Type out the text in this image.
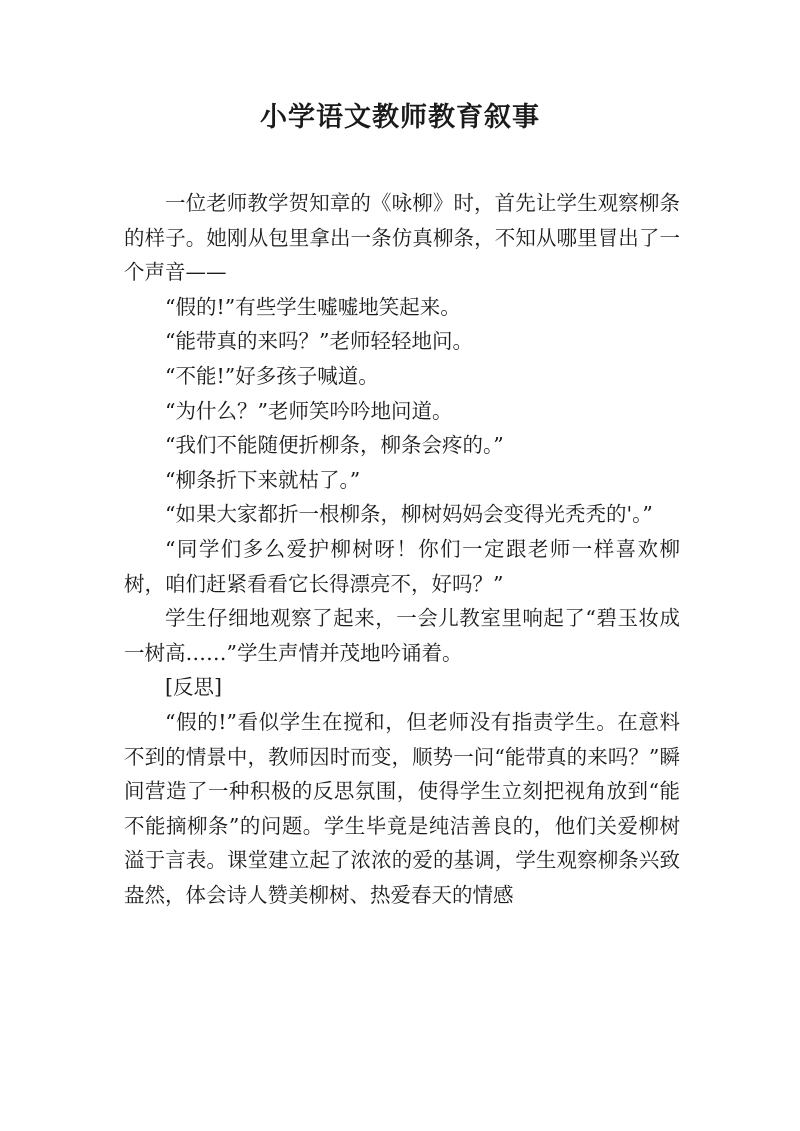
小学语文教师教育叙事

一位老师教学贺知章的《咏柳》时，首先让学生观察柳条的样子。她刚从包里拿出一条仿真柳条，不知从哪里冒出了一个声音——

“假的!”有些学生嘘嘘地笑起来。

“能带真的来吗？”老师轻轻地问。

“不能!”好多孩子喊道。

“为什么？”老师笑吟吟地问道。

“我们不能随便折柳条，柳条会疼的。”

“柳条折下来就枯了。”

“如果大家都折一根柳条，柳树妈妈会变得光秃秃的'。”

“同学们多么爱护柳树呀！你们一定跟老师一样喜欢柳树，咱们赶紧看看它长得漂亮不，好吗？”

学生仔细地观察了起来，一会儿教室里响起了“碧玉妆成一树高……”学生声情并茂地吟诵着。

[反思]

“假的!”看似学生在搅和，但老师没有指责学生。在意料不到的情景中，教师因时而变，顺势一问“能带真的来吗？”瞬间营造了一种积极的反思氛围，使得学生立刻把视角放到“能不能摘柳条”的问题。学生毕竟是纯洁善良的，他们关爱柳树溢于言表。课堂建立起了浓浓的爱的基调，学生观察柳条兴致盎然，体会诗人赞美柳树、热爱春天的情感
